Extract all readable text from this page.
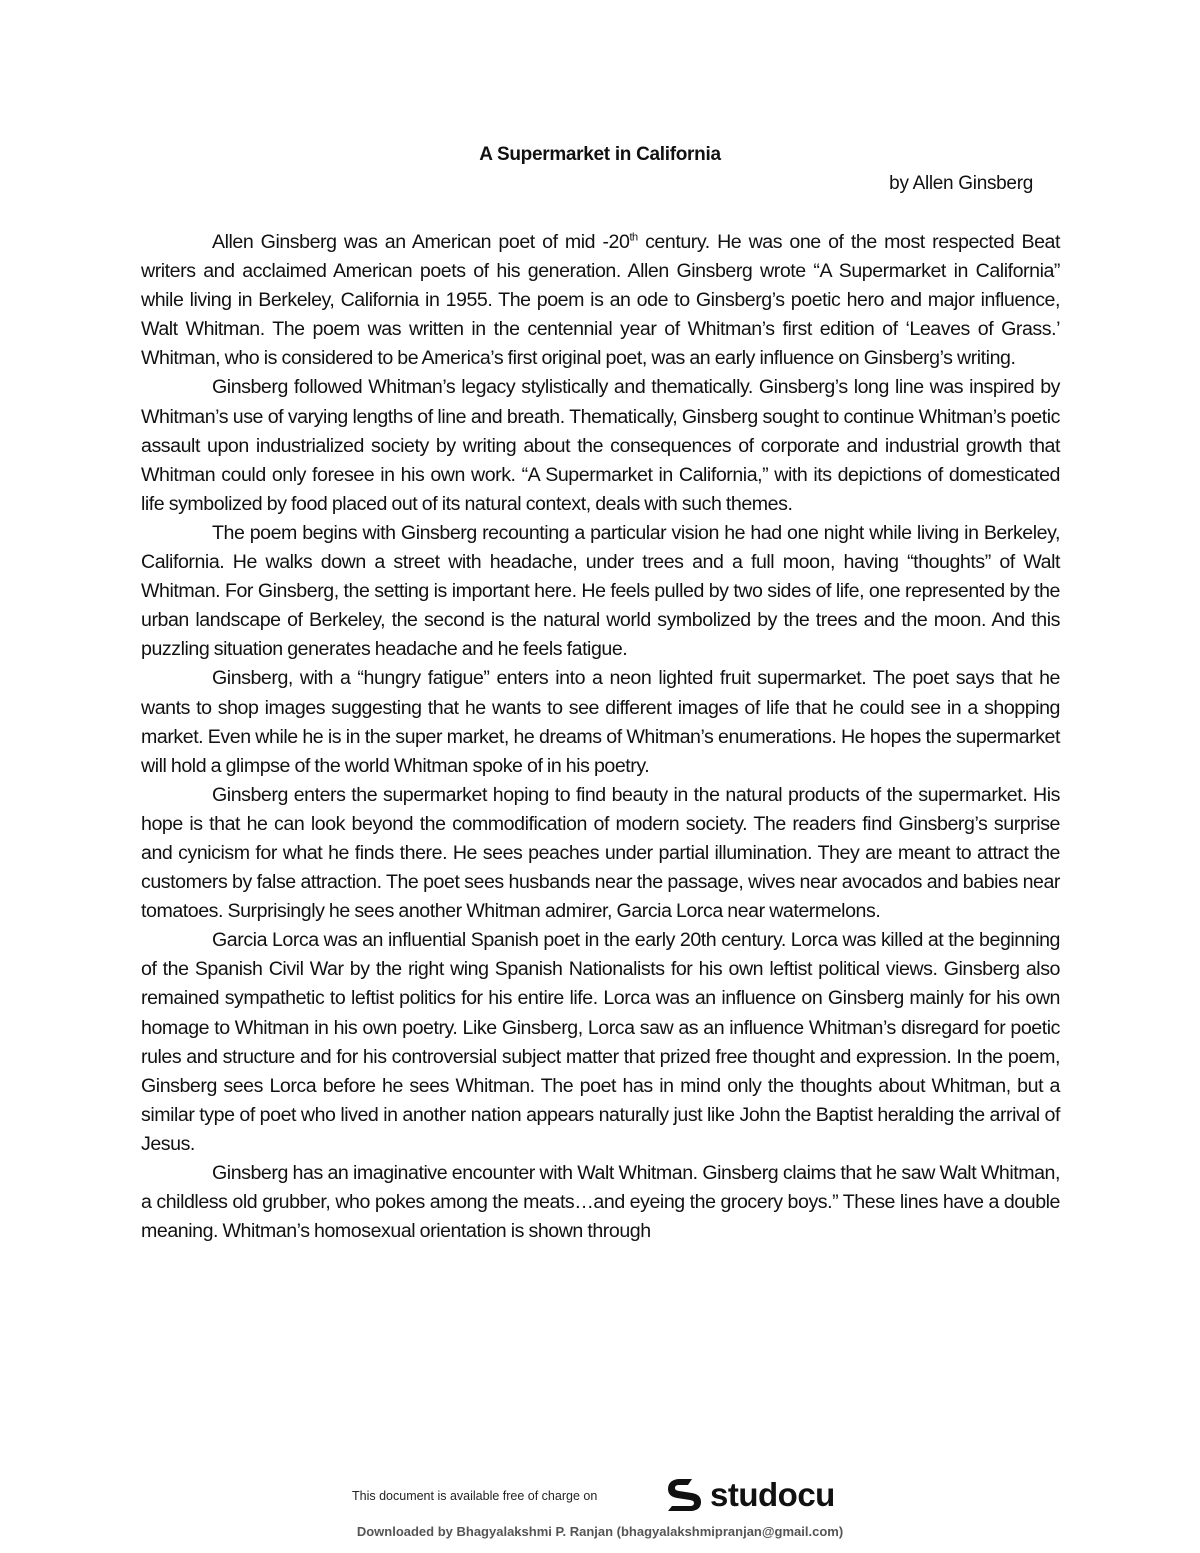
A Supermarket in California
by Allen Ginsberg

Allen Ginsberg was an American poet of mid -20th century. He was one of the most respected Beat writers and acclaimed American poets of his generation. Allen Ginsberg wrote “A Supermarket in California” while living in Berkeley, California in 1955. The poem is an ode to Ginsberg’s poetic hero and major influence, Walt Whitman. The poem was written in the centennial year of Whitman’s first edition of ‘Leaves of Grass.’ Whitman, who is considered to be America’s first original poet, was an early influence on Ginsberg’s writing.

Ginsberg followed Whitman’s legacy stylistically and thematically. Ginsberg’s long line was inspired by Whitman’s use of varying lengths of line and breath. Thematically, Ginsberg sought to continue Whitman’s poetic assault upon industrialized society by writing about the consequences of corporate and industrial growth that Whitman could only foresee in his own work. “A Supermarket in California,” with its depictions of domesticated life symbolized by food placed out of its natural context, deals with such themes.

The poem begins with Ginsberg recounting a particular vision he had one night while living in Berkeley, California. He walks down a street with headache, under trees and a full moon, having “thoughts” of Walt Whitman. For Ginsberg, the setting is important here. He feels pulled by two sides of life, one represented by the urban landscape of Berkeley, the second is the natural world symbolized by the trees and the moon. And this puzzling situation generates headache and he feels fatigue.

Ginsberg, with a “hungry fatigue” enters into a neon lighted fruit supermarket. The poet says that he wants to shop images suggesting that he wants to see different images of life that he could see in a shopping market. Even while he is in the super market, he dreams of Whitman’s enumerations. He hopes the supermarket will hold a glimpse of the world Whitman spoke of in his poetry.

Ginsberg enters the supermarket hoping to find beauty in the natural products of the supermarket. His hope is that he can look beyond the commodification of modern society. The readers find Ginsberg’s surprise and cynicism for what he finds there. He sees peaches under partial illumination. They are meant to attract the customers by false attraction. The poet sees husbands near the passage, wives near avocados and babies near tomatoes. Surprisingly he sees another Whitman admirer, Garcia Lorca near watermelons.

Garcia Lorca was an influential Spanish poet in the early 20th century. Lorca was killed at the beginning of the Spanish Civil War by the right wing Spanish Nationalists for his own leftist political views. Ginsberg also remained sympathetic to leftist politics for his entire life. Lorca was an influence on Ginsberg mainly for his own homage to Whitman in his own poetry. Like Ginsberg, Lorca saw as an influence Whitman’s disregard for poetic rules and structure and for his controversial subject matter that prized free thought and expression. In the poem, Ginsberg sees Lorca before he sees Whitman. The poet has in mind only the thoughts about Whitman, but a similar type of poet who lived in another nation appears naturally just like John the Baptist heralding the arrival of Jesus.

Ginsberg has an imaginative encounter with Walt Whitman. Ginsberg claims that he saw Walt Whitman, a childless old grubber, who pokes among the meats…and eyeing the grocery boys.” These lines have a double meaning. Whitman’s homosexual orientation is shown through

This document is available free of charge on	studocu
Downloaded by Bhagyalakshmi P. Ranjan (bhagyalakshmipranjan@gmail.com)
